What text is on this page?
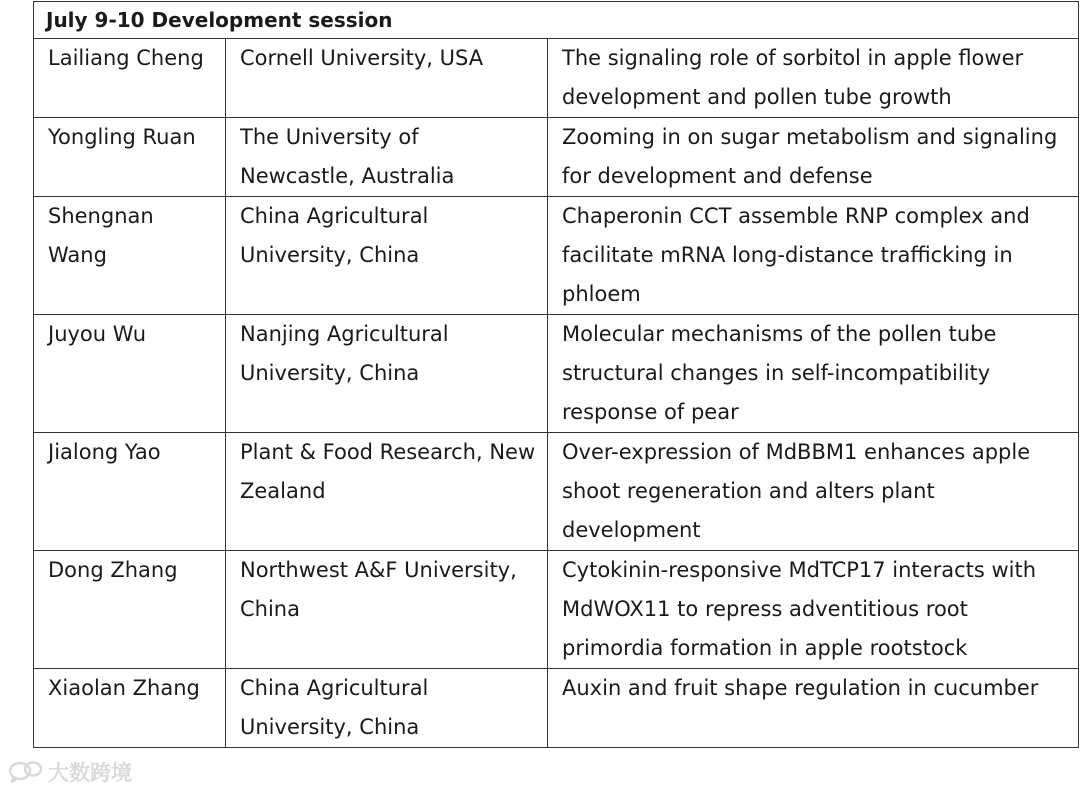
July 9-10 Development session		
Lailiang Cheng	Cornell University, USA	The signaling role of sorbitol in apple flower development and pollen tube growth
Yongling Ruan	The University of Newcastle, Australia	Zooming in on sugar metabolism and signaling for development and defense
Shengnan Wang	China Agricultural University, China	Chaperonin CCT assemble RNP complex and facilitate mRNA long-distance trafficking in phloem
Juyou Wu	Nanjing Agricultural University, China	Molecular mechanisms of the pollen tube structural changes in self-incompatibility response of pear
Jialong Yao	Plant & Food Research, New Zealand	Over-expression of MdBBM1 enhances apple shoot regeneration and alters plant development
Dong Zhang	Northwest A&F University, China	Cytokinin-responsive MdTCP17 interacts with MdWOX11 to repress adventitious root primordia formation in apple rootstock
Xiaolan Zhang	China Agricultural University, China	Auxin and fruit shape regulation in cucumber
大数跨境
